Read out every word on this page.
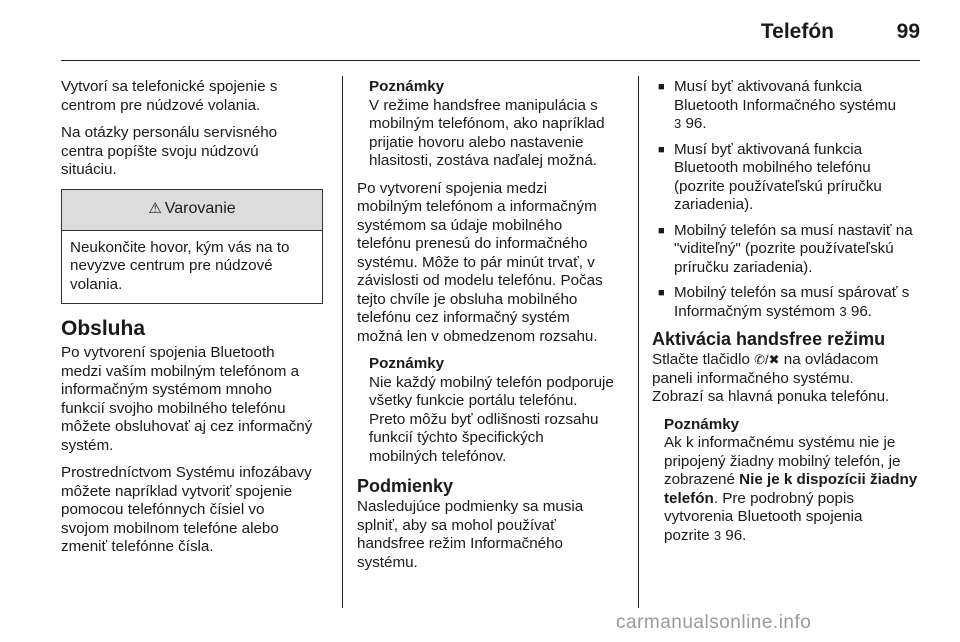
Telefón	99

Vytvorí sa telefonické spojenie s
centrom pre núdzové volania.

Na otázky personálu servisného
centra popíšte svoju núdzovú
situáciu.

⚠ Varovanie
Neukončite hovor, kým vás na to
nevyzve centrum pre núdzové
volania.
Obsluha

Po vytvorení spojenia Bluetooth
medzi vaším mobilným telefónom a
informačným systémom mnoho
funkcií svojho mobilného telefónu
môžete obsluhovať aj cez informačný
systém.

Prostredníctvom Systému infozábavy
môžete napríklad vytvoriť spojenie
pomocou telefónnych čísiel vo
svojom mobilnom telefóne alebo
zmeniť telefónne čísla.

Poznámky
V režime handsfree manipulácia s
mobilným telefónom, ako napríklad
prijatie hovoru alebo nastavenie
hlasitosti, zostáva naďalej možná.

Po vytvorení spojenia medzi
mobilným telefónom a informačným
systémom sa údaje mobilného
telefónu prenesú do informačného
systému. Môže to pár minút trvať, v
závislosti od modelu telefónu. Počas
tejto chvíle je obsluha mobilného
telefónu cez informačný systém
možná len v obmedzenom rozsahu.

Poznámky
Nie každý mobilný telefón podporuje
všetky funkcie portálu telefónu.
Preto môžu byť odlišnosti rozsahu
funkcií týchto špecifických
mobilných telefónov.
Podmienky

Nasledujúce podmienky sa musia
splniť, aby sa mohol používať
handsfree režim Informačného
systému.

■ Musí byť aktivovaná funkcia
Bluetooth Informačného systému
3 96.
■ Musí byť aktivovaná funkcia
Bluetooth mobilného telefónu
(pozrite používateľskú príručku
zariadenia).
■ Mobilný telefón sa musí nastaviť na
"viditeľný" (pozrite používateľskú
príručku zariadenia).
■ Mobilný telefón sa musí spárovať s
Informačným systémom 3 96.
Aktivácia handsfree režimu

Stlačte tlačidlo ✆/✖ na ovládacom
paneli informačného systému.

Zobrazí sa hlavná ponuka telefónu.

Poznámky
Ak k informačnému systému nie je
pripojený žiadny mobilný telefón, je
zobrazené Nie je k dispozícii žiadny
telefón. Pre podrobný popis
vytvorenia Bluetooth spojenia
pozrite 3 96.
carmanualsonline.info
